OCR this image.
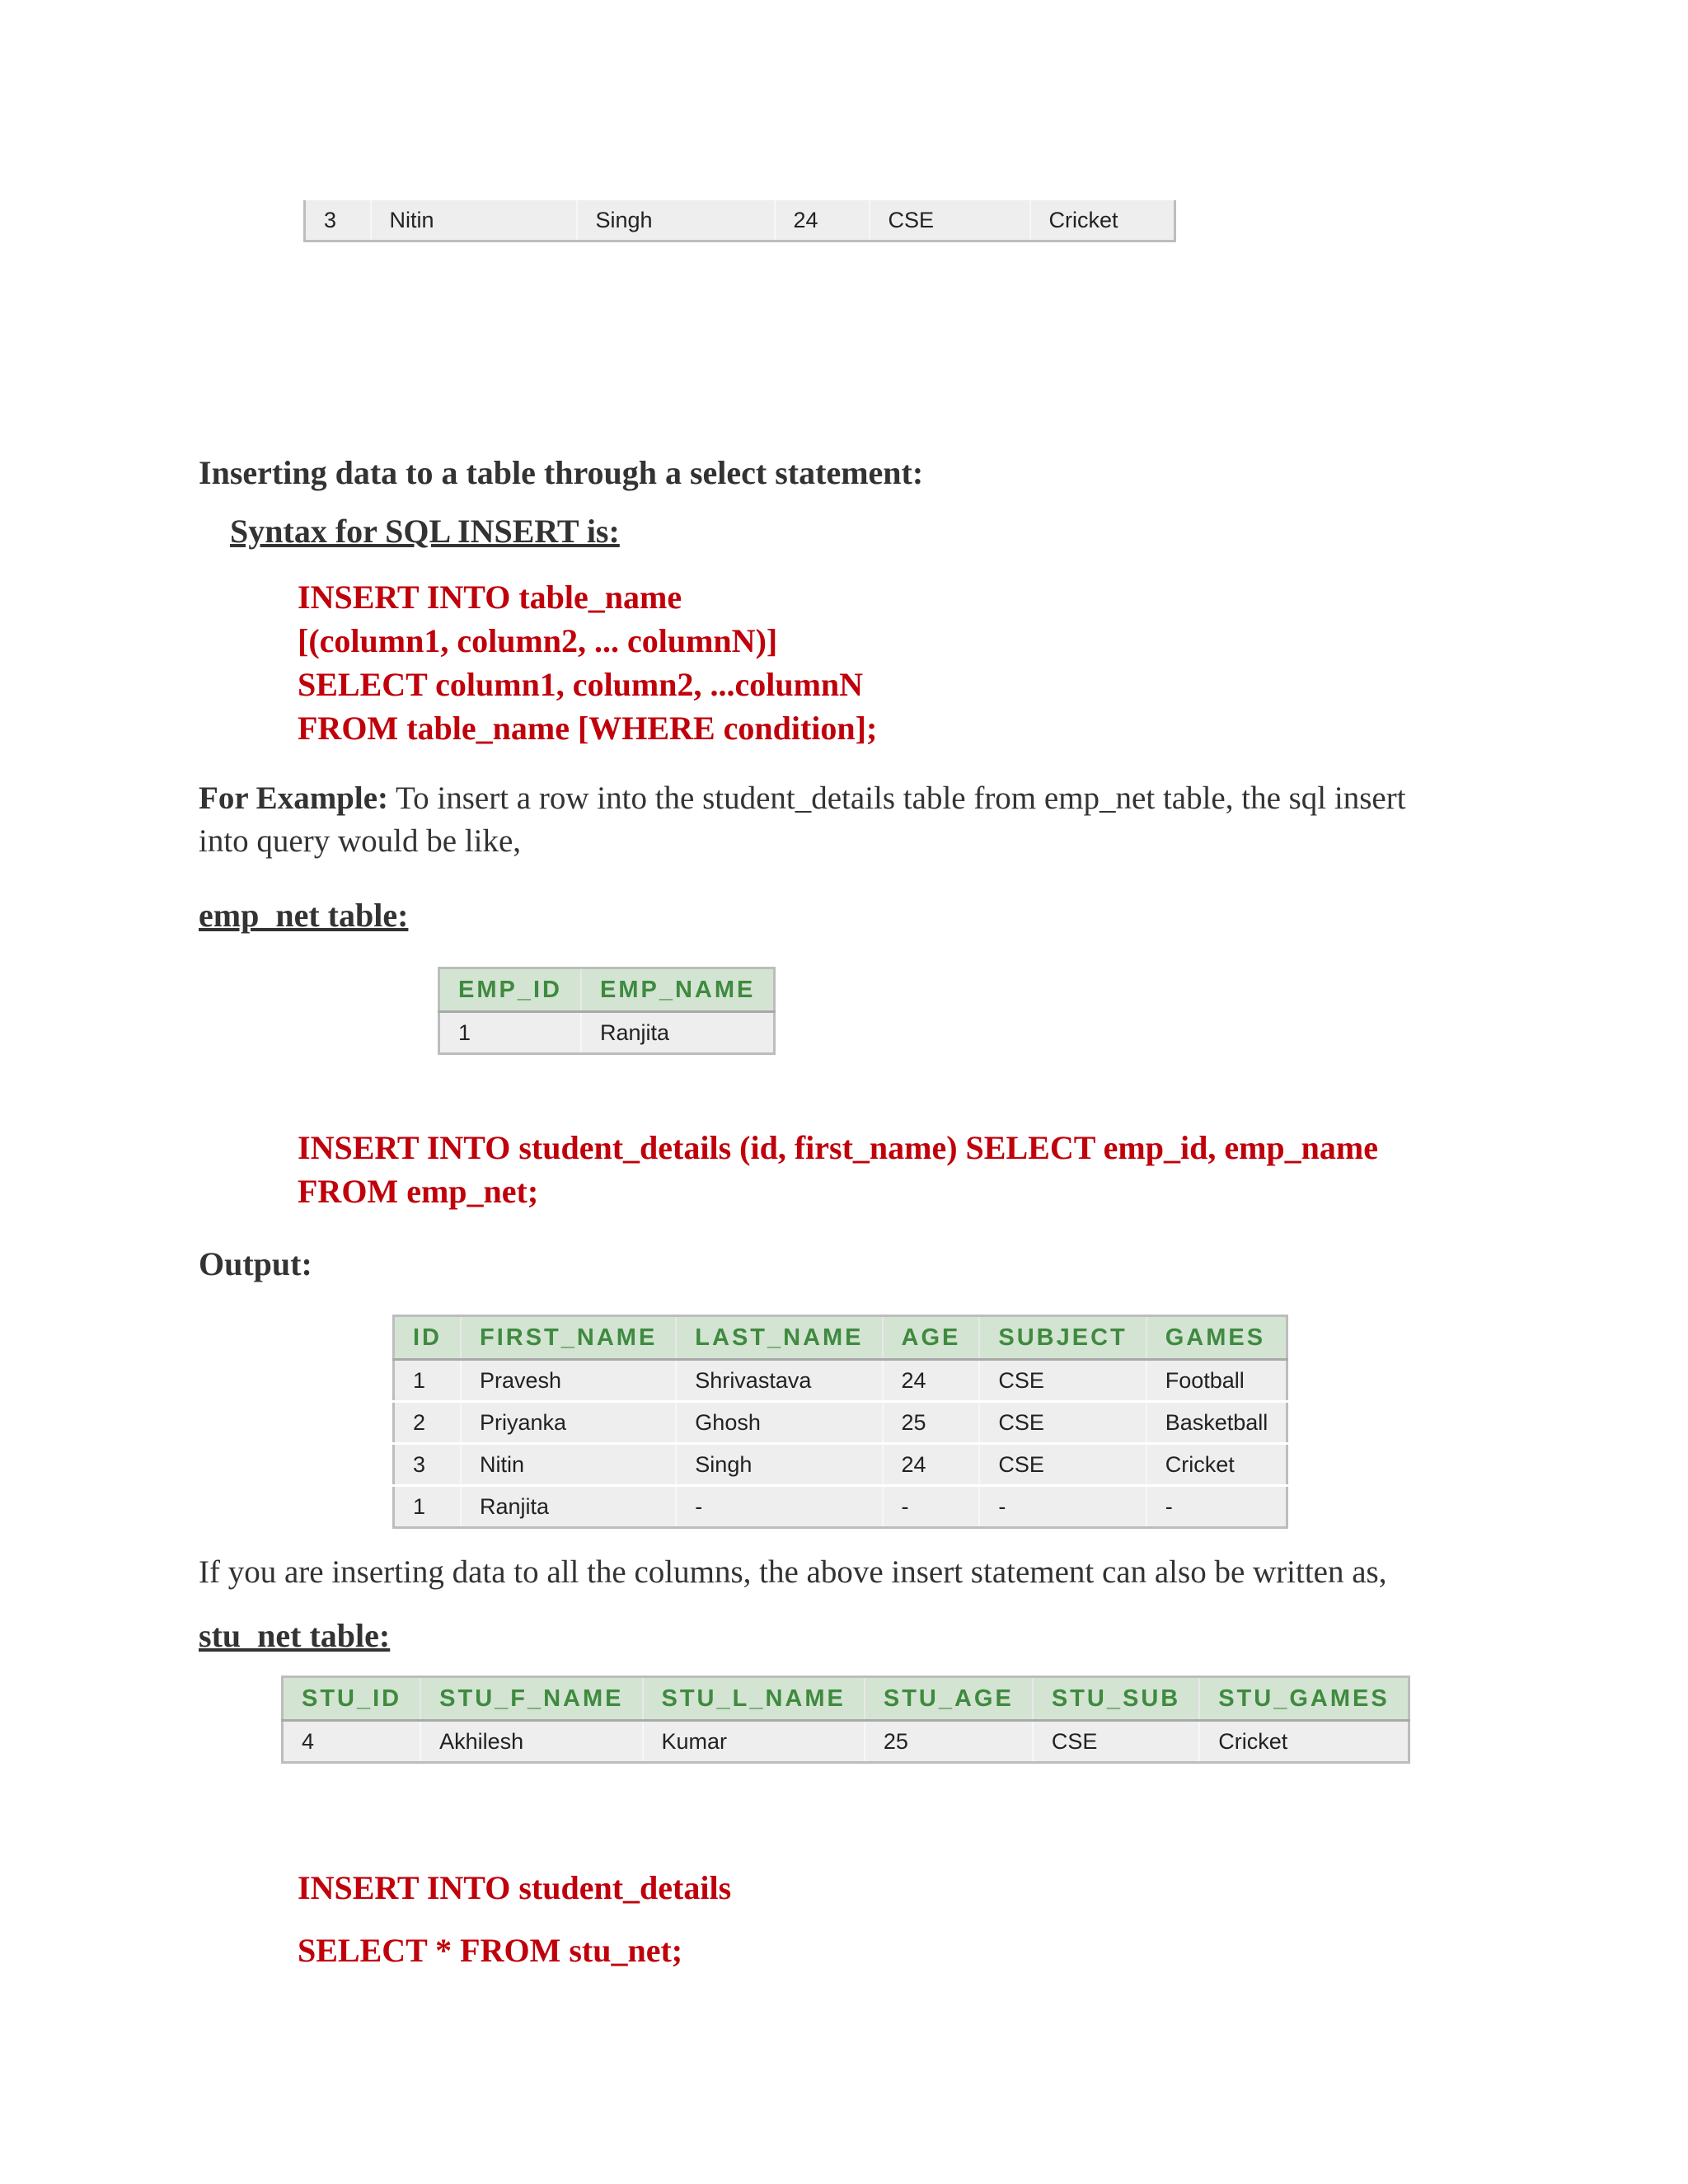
3	Nitin	Singh	24	CSE	Cricket
Inserting data to a table through a select statement:
Syntax for SQL INSERT is:
INSERT INTO table_name
[(column1, column2, ... columnN)]
SELECT column1, column2, ...columnN
FROM table_name [WHERE condition];
For Example: To insert a row into the student_details table from emp_net table, the sql insert
into query would be like,
emp_net table:
EMP_ID	EMP_NAME
1	Ranjita
INSERT INTO student_details (id, first_name) SELECT emp_id, emp_name
FROM emp_net;
Output:
ID	FIRST_NAME	LAST_NAME	AGE	SUBJECT	GAMES
1	Pravesh	Shrivastava	24	CSE	Football
2	Priyanka	Ghosh	25	CSE	Basketball
3	Nitin	Singh	24	CSE	Cricket
1	Ranjita	-	-	-	-
If you are inserting data to all the columns, the above insert statement can also be written as,
stu_net table:
STU_ID	STU_F_NAME	STU_L_NAME	STU_AGE	STU_SUB	STU_GAMES
4	Akhilesh	Kumar	25	CSE	Cricket
INSERT INTO student_details
SELECT * FROM stu_net;
